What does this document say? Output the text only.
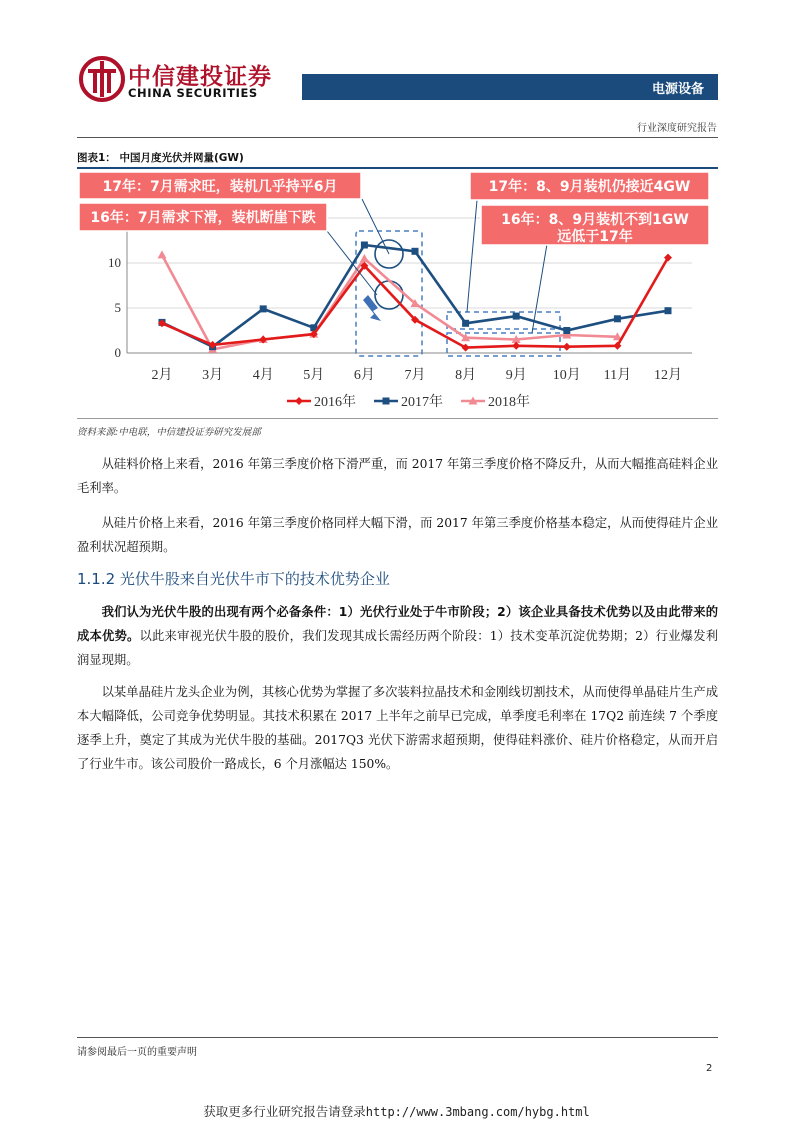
中信建投证券
CHINA SECURITIES	电源设备
行业深度研究报告
图表1： 中国月度光伏并网量(GW)
0
5
10
2月 3月 4月 5月 6月 7月 8月 9月 10月 11月 12月
2016年	2017年	2018年
17年：7月需求旺，装机几乎持平6月
16年：7月需求下滑，装机断崖下跌
17年：8、9月装机仍接近4GW
16年：8、9月装机不到1GW
远低于17年
资料来源:中电联，中信建投证券研究发展部

从硅料价格上来看，2016 年第三季度价格下滑严重，而 2017 年第三季度价格不降反升，从而大幅推高硅料企业毛利率。

从硅片价格上来看，2016 年第三季度价格同样大幅下滑，而 2017 年第三季度价格基本稳定，从而使得硅片企业盈利状况超预期。

1.1.2 光伏牛股来自光伏牛市下的技术优势企业

我们认为光伏牛股的出现有两个必备条件：1）光伏行业处于牛市阶段；2）该企业具备技术优势以及由此带来的成本优势。以此来审视光伏牛股的股价，我们发现其成长需经历两个阶段：1）技术变革沉淀优势期；2）行业爆发利润显现期。

以某单晶硅片龙头企业为例，其核心优势为掌握了多次装料拉晶技术和金刚线切割技术，从而使得单晶硅片生产成本大幅降低，公司竞争优势明显。其技术积累在 2017 上半年之前早已完成，单季度毛利率在 17Q2 前连续 7 个季度逐季上升，奠定了其成为光伏牛股的基础。2017Q3 光伏下游需求超预期，使得硅料涨价、硅片价格稳定，从而开启了行业牛市。该公司股价一路成长，6 个月涨幅达 150%。

请参阅最后一页的重要声明
2
获取更多行业研究报告请登录http://www.3mbang.com/hybg.html
